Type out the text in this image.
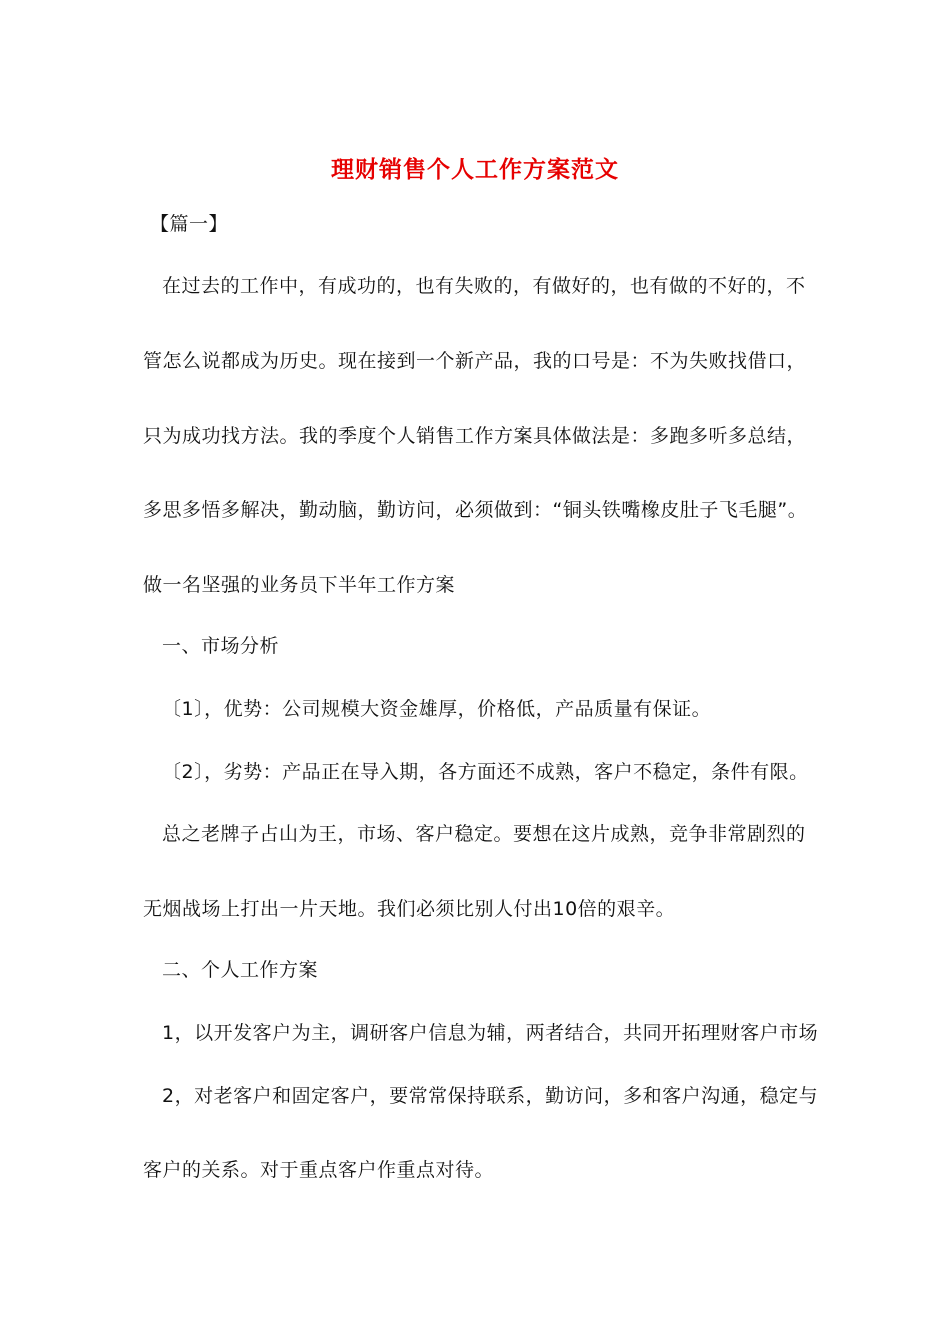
理财销售个人工作方案范文
【篇一】
在过去的工作中，有成功的，也有失败的，有做好的，也有做的不好的，不
管怎么说都成为历史。现在接到一个新产品，我的口号是：不为失败找借口，
只为成功找方法。我的季度个人销售工作方案具体做法是：多跑多听多总结，
多思多悟多解决，勤动脑，勤访问，必须做到：“铜头铁嘴橡皮肚子飞毛腿”。
做一名坚强的业务员下半年工作方案
一、市场分析
〔1〕，优势：公司规模大资金雄厚，价格低，产品质量有保证。
〔2〕，劣势：产品正在导入期，各方面还不成熟，客户不稳定，条件有限。
总之老牌子占山为王，市场、客户稳定。要想在这片成熟，竞争非常剧烈的
无烟战场上打出一片天地。我们必须比别人付出10倍的艰辛。
二、个人工作方案
1，以开发客户为主，调研客户信息为辅，两者结合，共同开拓理财客户市场
2，对老客户和固定客户，要常常保持联系，勤访问，多和客户沟通，稳定与
客户的关系。对于重点客户作重点对待。
